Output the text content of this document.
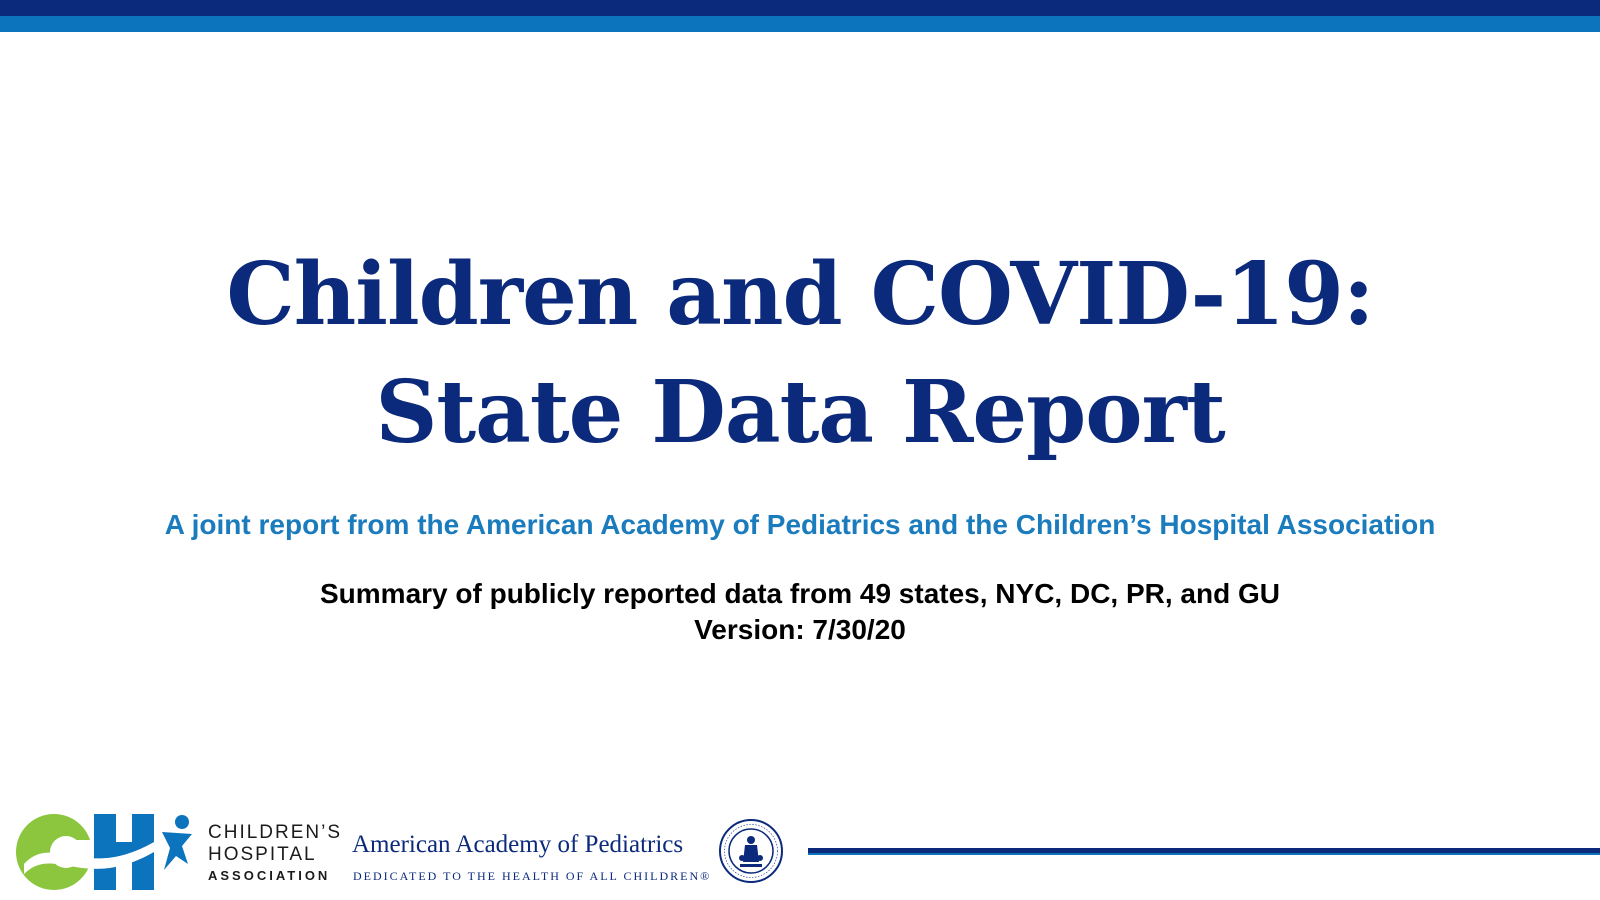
Children and COVID-19:
State Data Report
A joint report from the American Academy of Pediatrics and the Children’s Hospital Association
Summary of publicly reported data from 49 states, NYC, DC, PR, and GU
Version: 7/30/20
CHILDREN’S
HOSPITAL
ASSOCIATION
American Academy of Pediatrics
DEDICATED TO THE HEALTH OF ALL CHILDREN®
